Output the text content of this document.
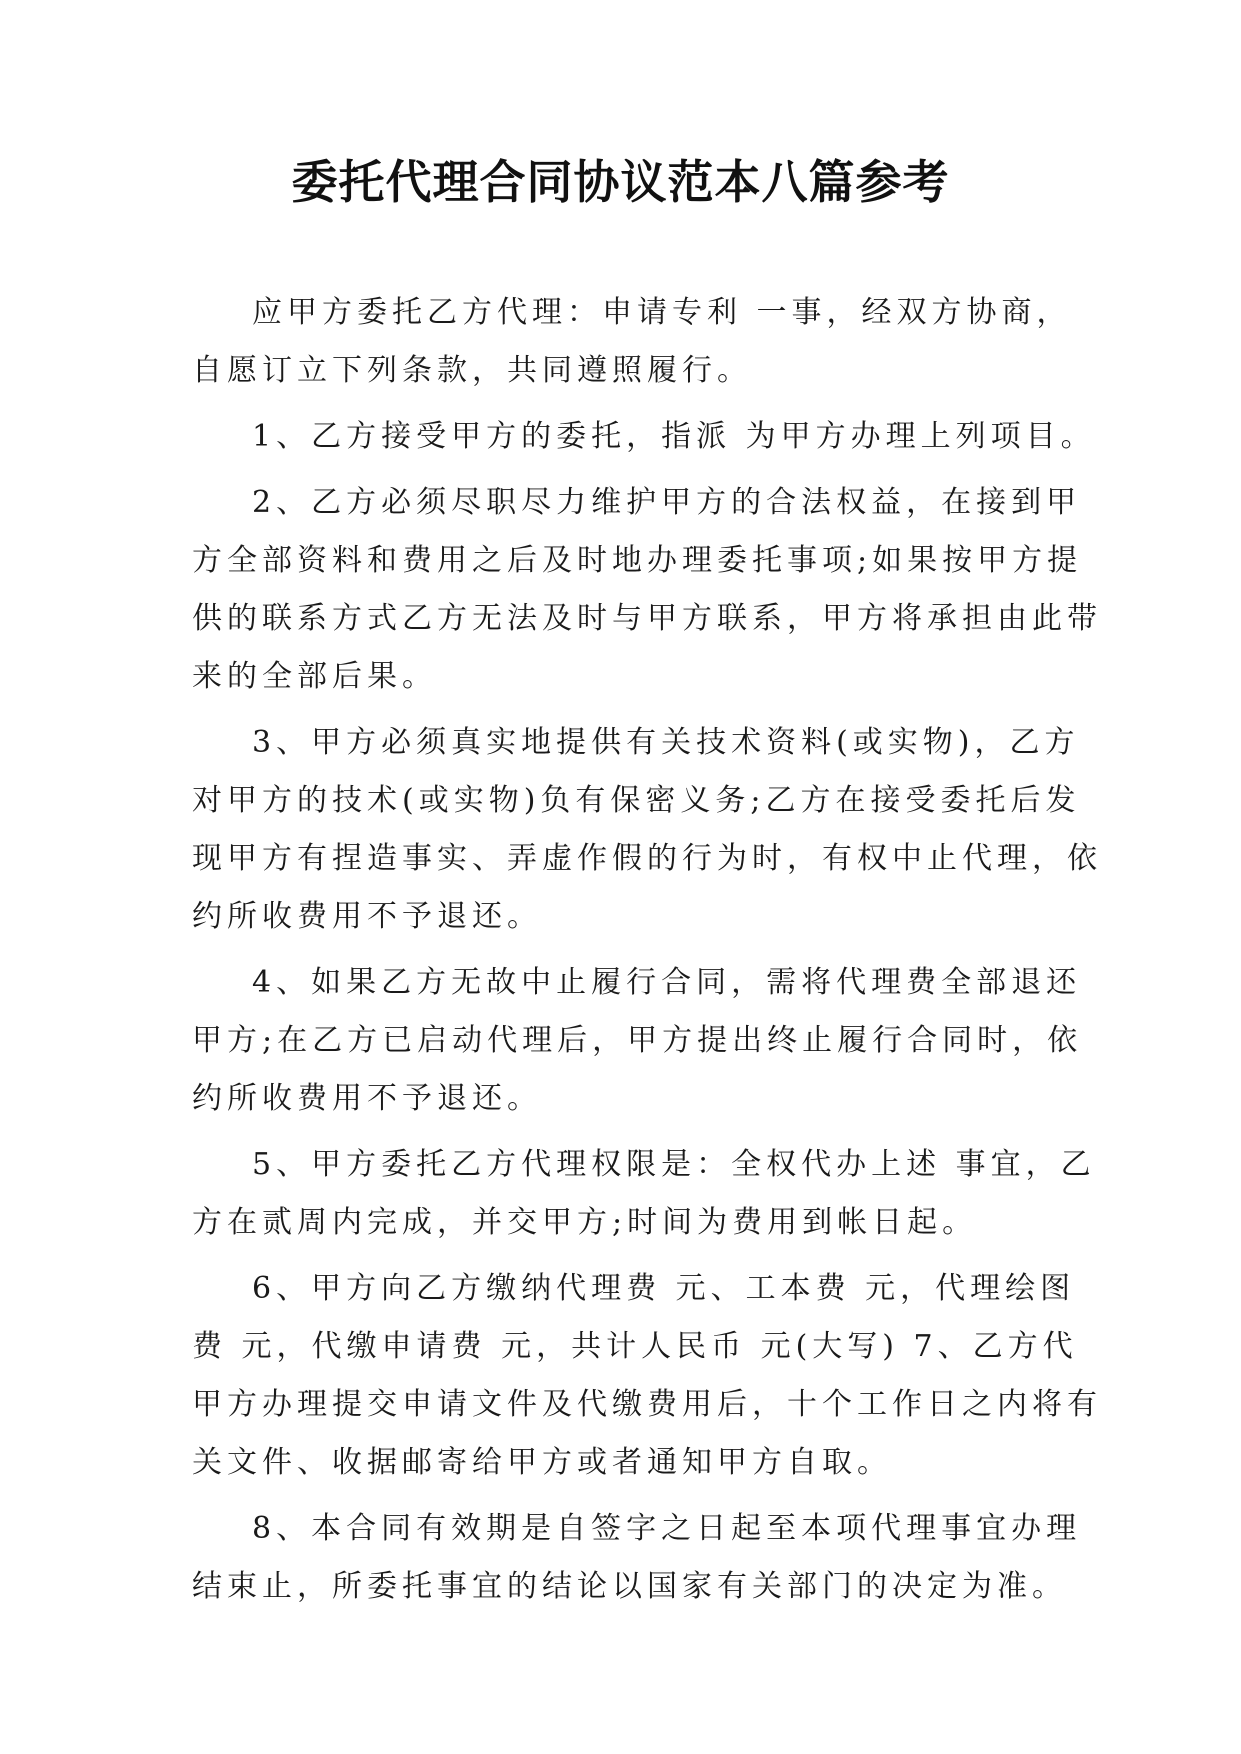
委托代理合同协议范本八篇参考
应甲方委托乙方代理：申请专利 一事，经双方协商，
自愿订立下列条款，共同遵照履行。
1、乙方接受甲方的委托，指派 为甲方办理上列项目。
2、乙方必须尽职尽力维护甲方的合法权益，在接到甲
方全部资料和费用之后及时地办理委托事项;如果按甲方提
供的联系方式乙方无法及时与甲方联系，甲方将承担由此带
来的全部后果。
3、甲方必须真实地提供有关技术资料(或实物)，乙方
对甲方的技术(或实物)负有保密义务;乙方在接受委托后发
现甲方有捏造事实、弄虚作假的行为时，有权中止代理，依
约所收费用不予退还。
4、如果乙方无故中止履行合同，需将代理费全部退还
甲方;在乙方已启动代理后，甲方提出终止履行合同时，依
约所收费用不予退还。
5、甲方委托乙方代理权限是：全权代办上述 事宜，乙
方在贰周内完成，并交甲方;时间为费用到帐日起。
6、甲方向乙方缴纳代理费 元、工本费 元，代理绘图
费 元，代缴申请费 元，共计人民币 元(大写) 7、乙方代
甲方办理提交申请文件及代缴费用后，十个工作日之内将有
关文件、收据邮寄给甲方或者通知甲方自取。
8、本合同有效期是自签字之日起至本项代理事宜办理
结束止，所委托事宜的结论以国家有关部门的决定为准。
